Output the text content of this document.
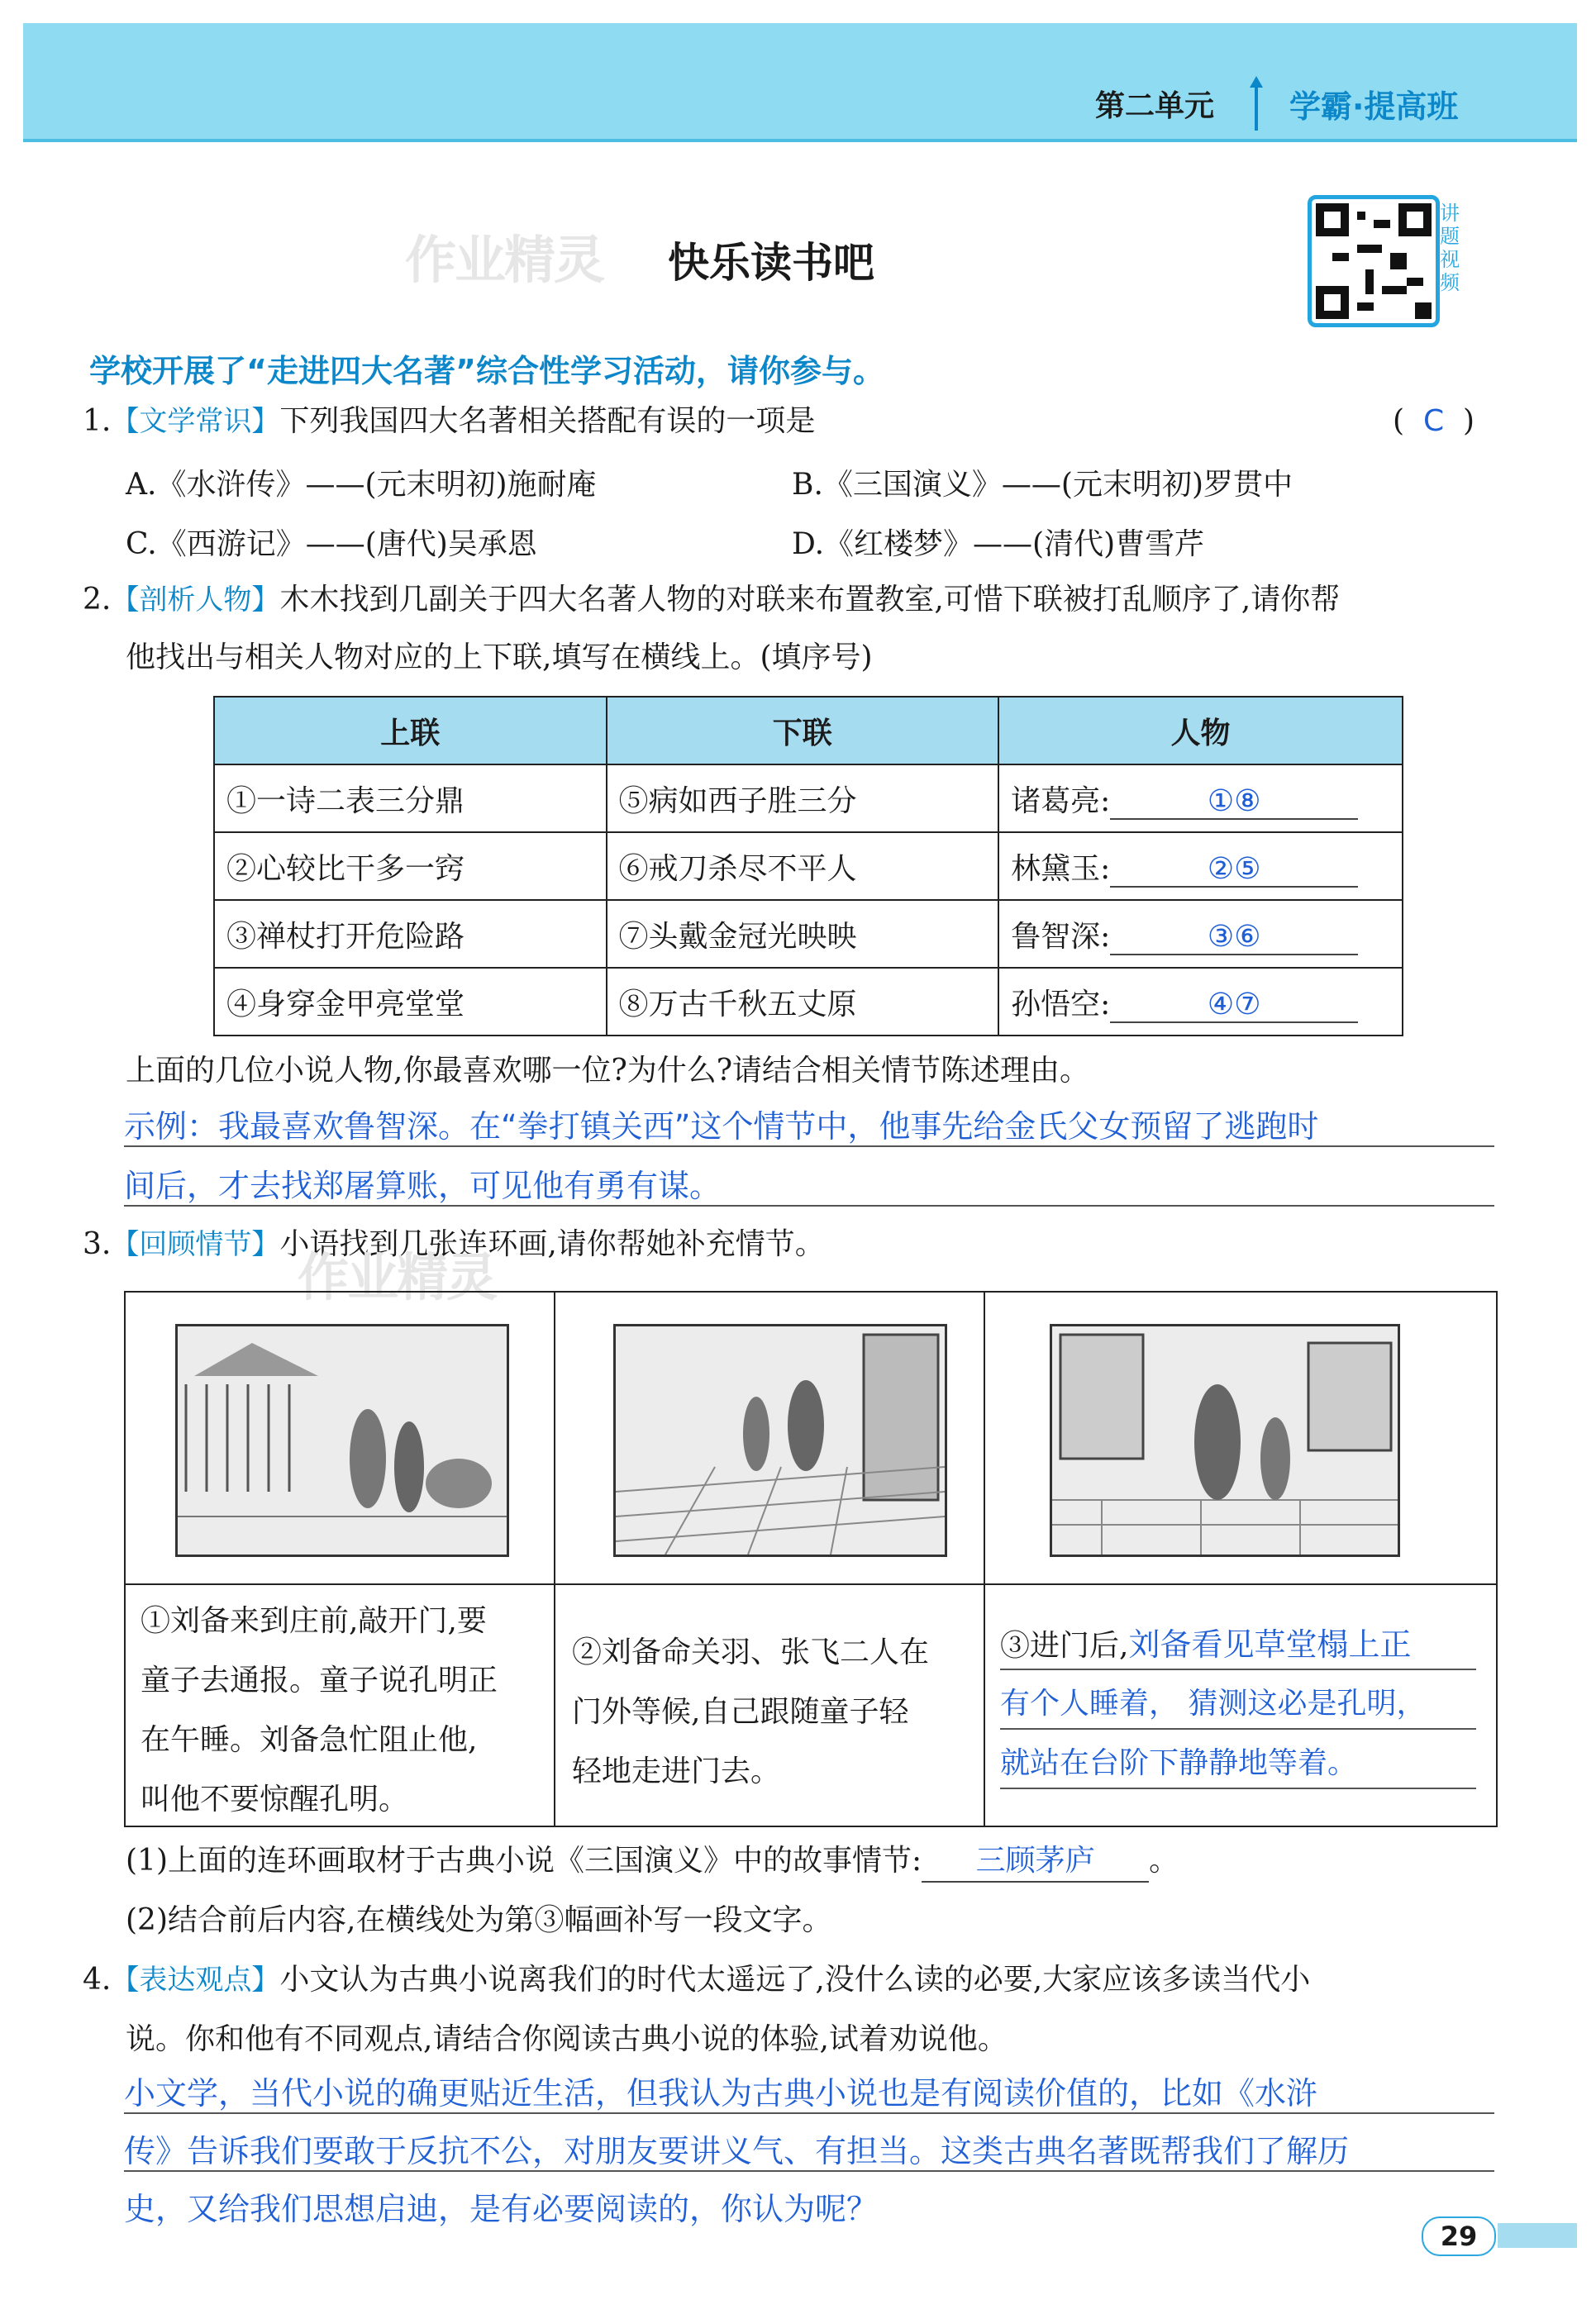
第二单元 学霸·提高班
作业精灵 快乐读书吧
讲题视频
学校开展了“走进四大名著”综合性学习活动，请你参与。
1.【文学常识】下列我国四大名著相关搭配有误的一项是	(  C  )
A.《水浒传》——(元末明初)施耐庵	B.《三国演义》——(元末明初)罗贯中
C.《西游记》——(唐代)吴承恩	D.《红楼梦》——(清代)曹雪芹
2.【剖析人物】木木找到几副关于四大名著人物的对联来布置教室,可惜下联被打乱顺序了,请你帮
他找出与相关人物对应的上下联,填写在横线上。(填序号)
上联	下联	人物
①一诗二表三分鼎	⑤病如西子胜三分	诸葛亮: ①⑧
②心较比干多一窍	⑥戒刀杀尽不平人	林黛玉: ②⑤
③禅杖打开危险路	⑦头戴金冠光映映	鲁智深: ③⑥
④身穿金甲亮堂堂	⑧万古千秋五丈原	孙悟空: ④⑦
上面的几位小说人物,你最喜欢哪一位?为什么?请结合相关情节陈述理由。
示例：我最喜欢鲁智深。在“拳打镇关西”这个情节中，他事先给金氏父女预留了逃跑时
间后，才去找郑屠算账，可见他有勇有谋。
3.【回顾情节】小语找到几张连环画,请你帮她补充情节。
作业精灵
①刘备来到庄前,敲开门,要
童子去通报。童子说孔明正
在午睡。刘备急忙阻止他,
叫他不要惊醒孔明。
②刘备命关羽、张飞二人在
门外等候,自己跟随童子轻
轻地走进门去。
③进门后,刘备看见草堂榻上正
有个人睡着， 猜测这必是孔明，
就站在台阶下静静地等着。
(1)上面的连环画取材于古典小说《三国演义》中的故事情节: 三顾茅庐 。
(2)结合前后内容,在横线处为第③幅画补写一段文字。
4.【表达观点】小文认为古典小说离我们的时代太遥远了,没什么读的必要,大家应该多读当代小
说。你和他有不同观点,请结合你阅读古典小说的体验,试着劝说他。
小文学，当代小说的确更贴近生活，但我认为古典小说也是有阅读价值的，比如《水浒
传》告诉我们要敢于反抗不公，对朋友要讲义气、有担当。这类古典名著既帮我们了解历
史，又给我们思想启迪，是有必要阅读的，你认为呢？
29
